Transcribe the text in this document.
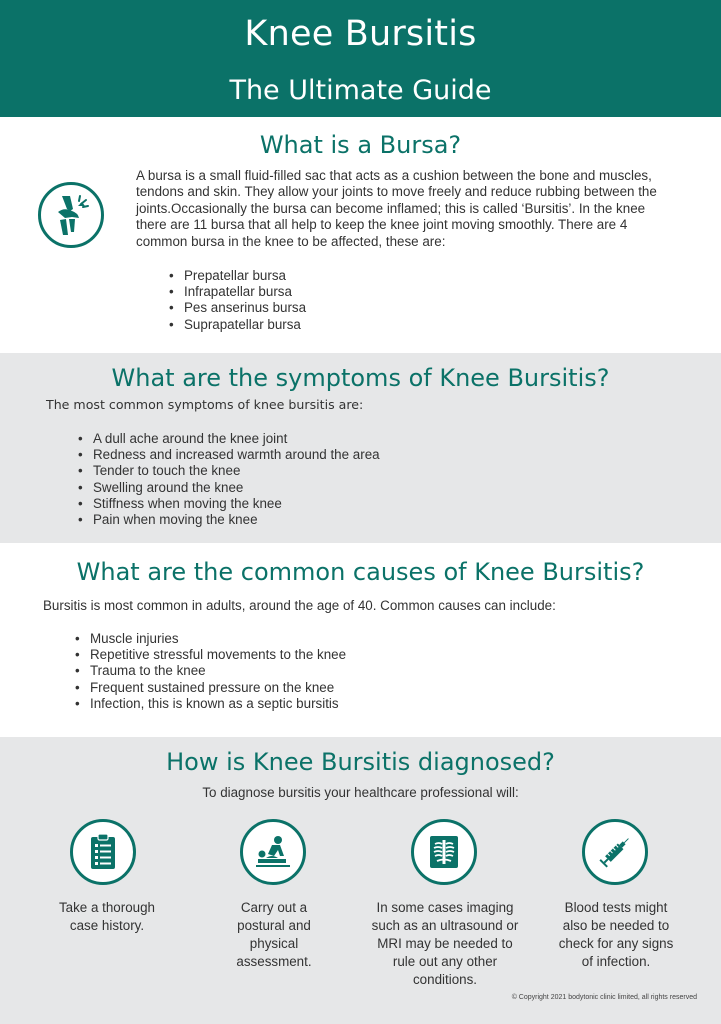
Knee Bursitis
The Ultimate Guide
What is a Bursa?

A bursa is a small fluid-filled sac that acts as a cushion between the bone and muscles, tendons and skin. They allow your joints to move freely and reduce rubbing between the joints.Occasionally the bursa can become inflamed; this is called ‘Bursitis’. In the knee there are 11 bursa that all help to keep the knee joint moving smoothly. There are 4 common bursa in the knee to be affected, these are:

• Prepatellar bursa
• Infrapatellar bursa
• Pes anserinus bursa
• Suprapatellar bursa
What are the symptoms of Knee Bursitis?

The most common symptoms of knee bursitis are:

• A dull ache around the knee joint
• Redness and increased warmth around the area
• Tender to touch the knee
• Swelling around the knee
• Stiffness when moving the knee
• Pain when moving the knee
What are the common causes of Knee Bursitis?

Bursitis is most common in adults, around the age of 40. Common causes can include:

• Muscle injuries
• Repetitive stressful movements to the knee
• Trauma to the knee
• Frequent sustained pressure on the knee
• Infection, this is known as a septic bursitis
How is Knee Bursitis diagnosed?

To diagnose bursitis your healthcare professional will:

Take a thorough case history.

Carry out a postural and physical assessment.

In some cases imaging such as an ultrasound or MRI may be needed to rule out any other conditions.

Blood tests might also be needed to check for any signs of infection.

© Copyright 2021 bodytonic clinic limited, all rights reserved
